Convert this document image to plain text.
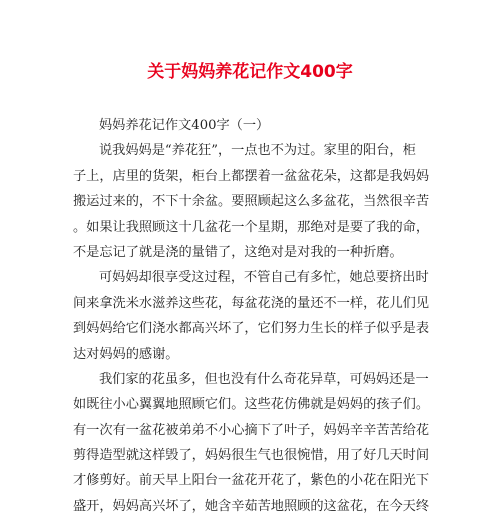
关于妈妈养花记作文400字
妈妈养花记作文400字（一）
说我妈妈是“养花狂”，一点也不为过。家里的阳台，柜
子上，店里的货架，柜台上都摆着一盆盆花朵，这都是我妈妈
搬运过来的，不下十余盆。要照顾起这么多盆花，当然很辛苦
。如果让我照顾这十几盆花一个星期，那绝对是要了我的命，
不是忘记了就是浇的量错了，这绝对是对我的一种折磨。
可妈妈却很享受这过程，不管自己有多忙，她总要挤出时
间来拿洗米水滋养这些花，每盆花浇的量还不一样，花儿们见
到妈妈给它们浇水都高兴坏了，它们努力生长的样子似乎是表
达对妈妈的感谢。
我们家的花虽多，但也没有什么奇花异草，可妈妈还是一
如既往小心翼翼地照顾它们。这些花仿佛就是妈妈的孩子们。
有一次有一盆花被弟弟不小心摘下了叶子，妈妈辛辛苦苦给花
剪得造型就这样毁了，妈妈很生气也很惋惜，用了好几天时间
才修剪好。前天早上阳台一盆花开花了，紫色的小花在阳光下
盛开，妈妈高兴坏了，她含辛茹苦地照顾的这盆花，在今天终
